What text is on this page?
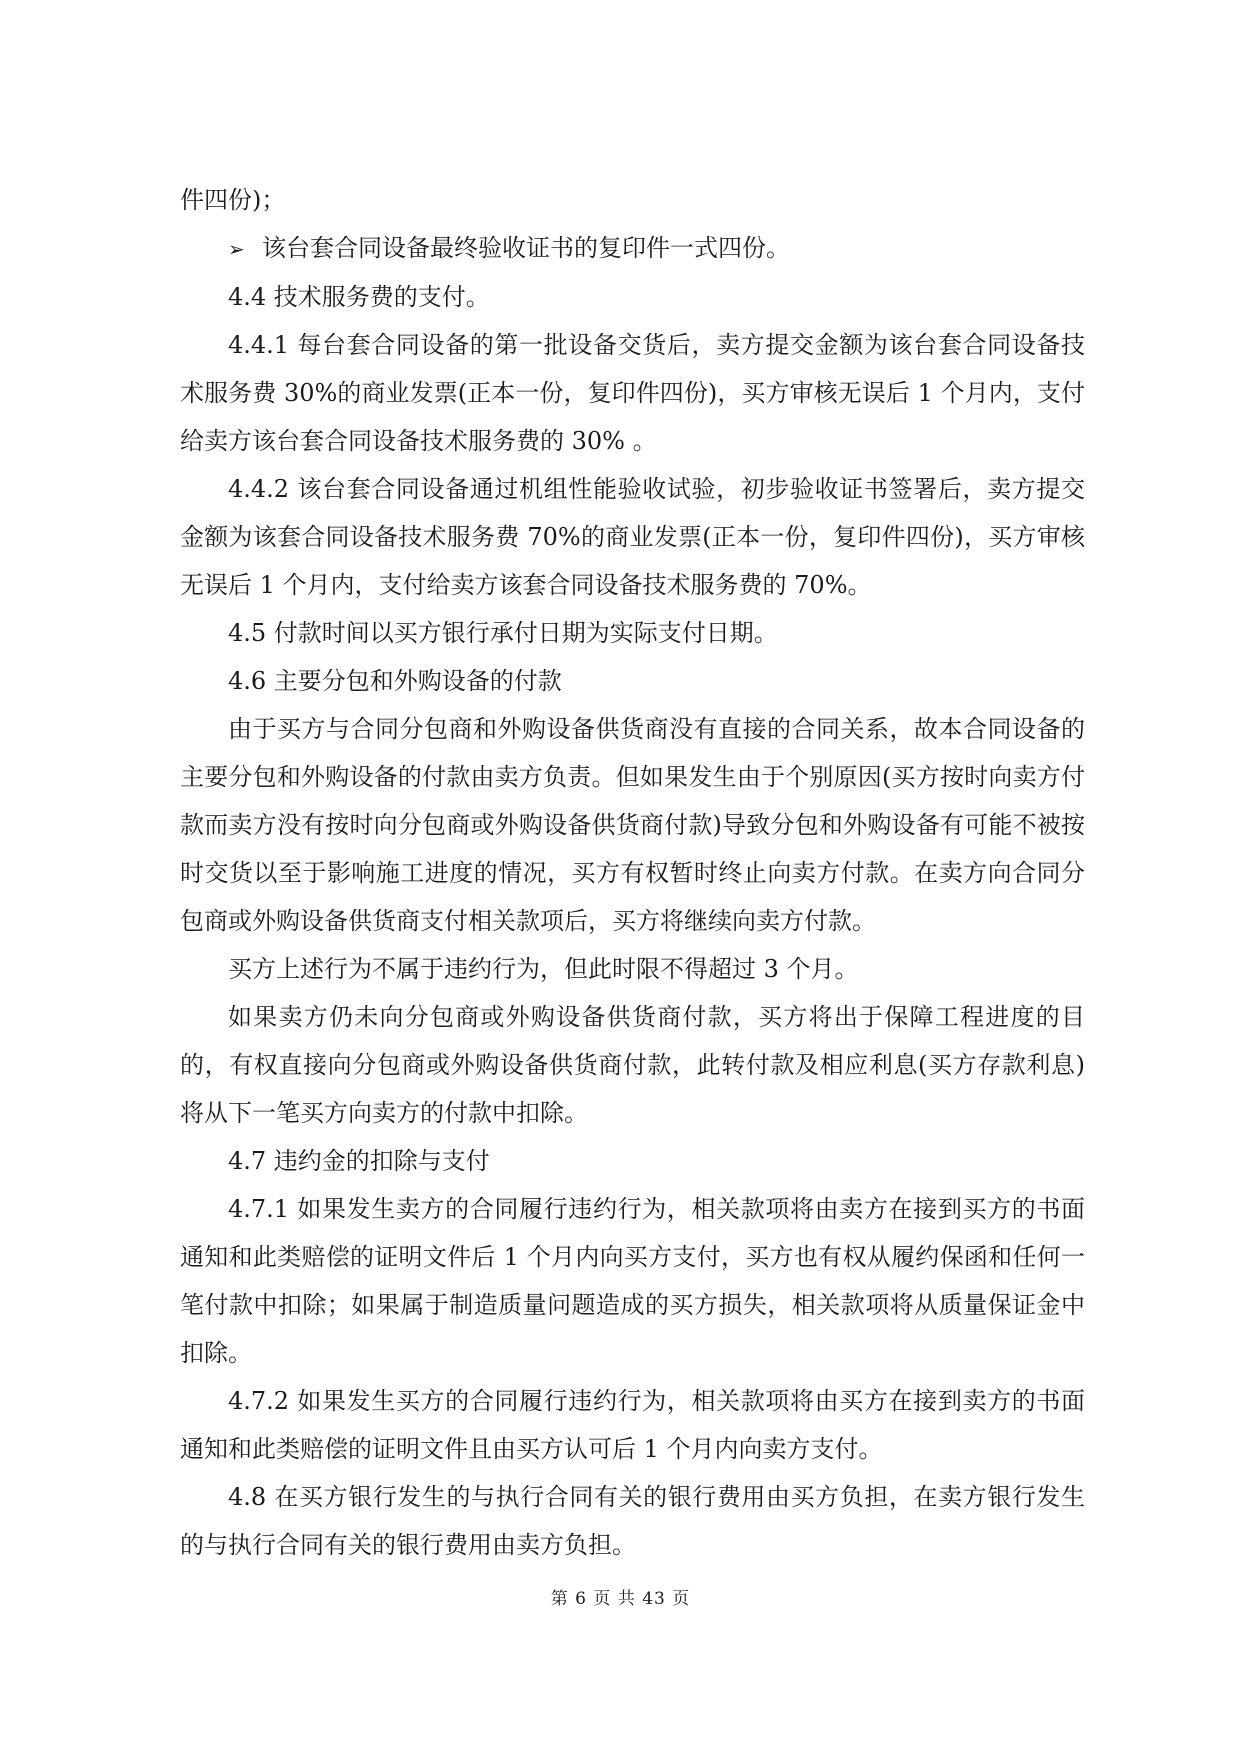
件四份)；

➢ 该台套合同设备最终验收证书的复印件一式四份。

4.4 技术服务费的支付。

4.4.1 每台套合同设备的第一批设备交货后，卖方提交金额为该台套合同设备技术服务费 30%的商业发票(正本一份，复印件四份)，买方审核无误后 1 个月内，支付给卖方该台套合同设备技术服务费的 30% 。

4.4.2 该台套合同设备通过机组性能验收试验，初步验收证书签署后，卖方提交金额为该套合同设备技术服务费 70%的商业发票(正本一份，复印件四份)，买方审核无误后 1 个月内，支付给卖方该套合同设备技术服务费的 70%。

4.5 付款时间以买方银行承付日期为实际支付日期。

4.6 主要分包和外购设备的付款

由于买方与合同分包商和外购设备供货商没有直接的合同关系，故本合同设备的主要分包和外购设备的付款由卖方负责。但如果发生由于个别原因(买方按时向卖方付款而卖方没有按时向分包商或外购设备供货商付款)导致分包和外购设备有可能不被按时交货以至于影响施工进度的情况，买方有权暂时终止向卖方付款。在卖方向合同分包商或外购设备供货商支付相关款项后，买方将继续向卖方付款。

买方上述行为不属于违约行为，但此时限不得超过 3 个月。

如果卖方仍未向分包商或外购设备供货商付款，买方将出于保障工程进度的目的，有权直接向分包商或外购设备供货商付款，此转付款及相应利息(买方存款利息)将从下一笔买方向卖方的付款中扣除。

4.7 违约金的扣除与支付

4.7.1 如果发生卖方的合同履行违约行为，相关款项将由卖方在接到买方的书面通知和此类赔偿的证明文件后 1 个月内向买方支付，买方也有权从履约保函和任何一笔付款中扣除；如果属于制造质量问题造成的买方损失，相关款项将从质量保证金中扣除。

4.7.2 如果发生买方的合同履行违约行为，相关款项将由买方在接到卖方的书面通知和此类赔偿的证明文件且由买方认可后 1 个月内向卖方支付。

4.8 在买方银行发生的与执行合同有关的银行费用由买方负担，在卖方银行发生的与执行合同有关的银行费用由卖方负担。

第 6 页 共 43 页
